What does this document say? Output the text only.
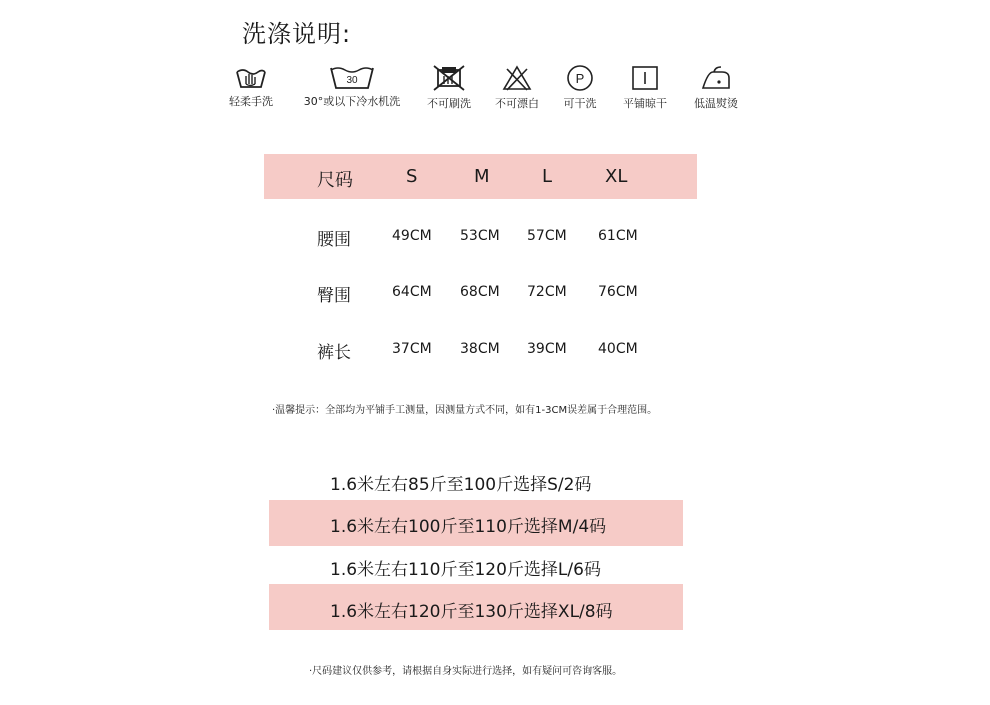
洗涤说明:
轻柔手洗
30
30°或以下冷水机洗	不可刷洗	不可漂白
P
可干洗	平铺晾干	低温熨烫
尺码	S	M	L	XL
腰围	49CM 53CM 57CM 61CM
臀围	64CM 68CM 72CM 76CM
裤长	37CM 38CM 39CM 40CM
·温馨提示：全部均为平铺手工测量，因测量方式不同，如有1-3CM误差属于合理范围。
1.6米左右85斤至100斤选择S/2码
1.6米左右100斤至110斤选择M/4码
1.6米左右110斤至120斤选择L/6码
1.6米左右120斤至130斤选择XL/8码
·尺码建议仅供参考，请根据自身实际进行选择，如有疑问可咨询客服。
